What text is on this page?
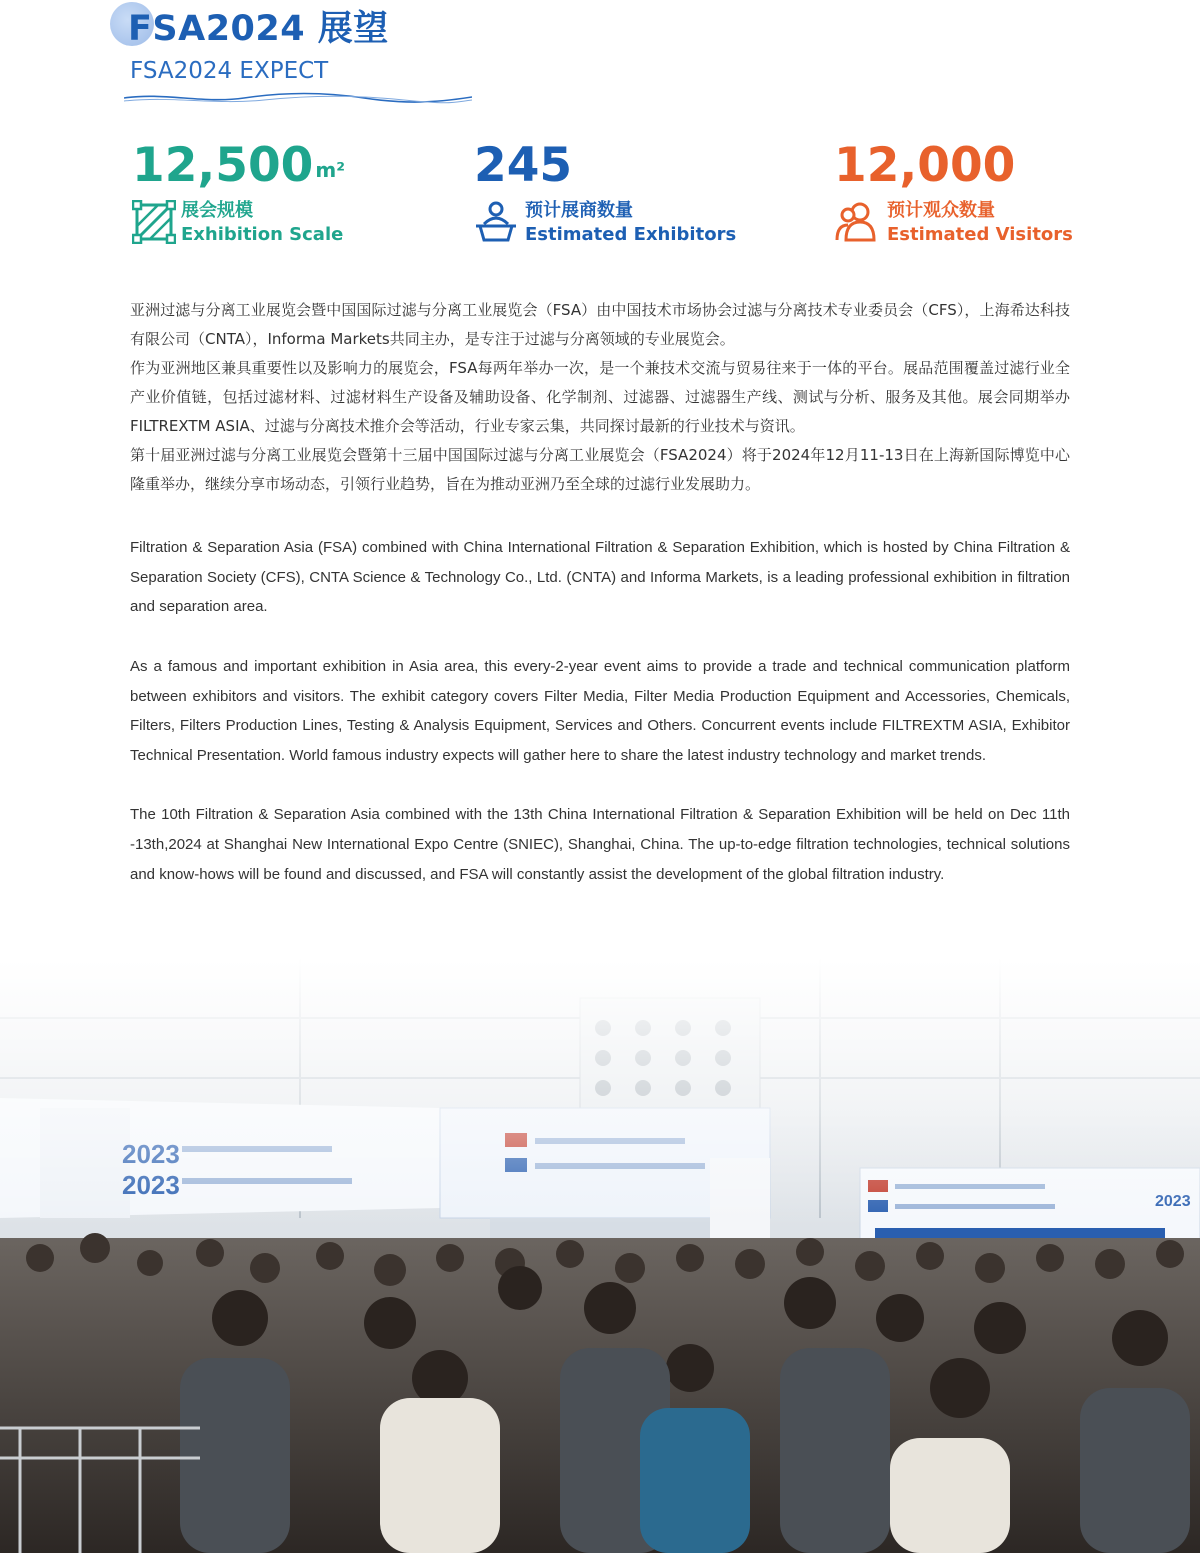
FSA2024 展望
FSA2024 EXPECT
12,500 $^{m^2}$
展会规模
Exhibition Scale
245
预计展商数量
Estimated Exhibitors
12,000
预计观众数量
Estimated Visitors

亚洲过滤与分离工业展览会暨中国国际过滤与分离工业展览会（FSA）由中国技术市场协会过滤与分离技术专业委员会（CFS），上海希达科技有限公司（CNTA），Informa Markets共同主办，是专注于过滤与分离领域的专业展览会。

作为亚洲地区兼具重要性以及影响力的展览会，FSA每两年举办一次，是一个兼技术交流与贸易往来于一体的平台。展品范围覆盖过滤行业全产业价值链，包括过滤材料、过滤材料生产设备及辅助设备、化学制剂、过滤器、过滤器生产线、测试与分析、服务及其他。展会同期举办FILTREXTM ASIA、过滤与分离技术推介会等活动，行业专家云集，共同探讨最新的行业技术与资讯。

第十届亚洲过滤与分离工业展览会暨第十三届中国国际过滤与分离工业展览会（FSA2024）将于2024年12月11-13日在上海新国际博览中心隆重举办，继续分享市场动态，引领行业趋势，旨在为推动亚洲乃至全球的过滤行业发展助力。

Filtration & Separation Asia (FSA) combined with China International Filtration & Separation Exhibition, which is hosted by China Filtration & Separation Society (CFS), CNTA Science & Technology Co., Ltd. (CNTA) and Informa Markets, is a leading professional exhibition in filtration and separation area.

As a famous and important exhibition in Asia area, this every-2-year event aims to provide a trade and technical communication platform between exhibitors and visitors. The exhibit category covers Filter Media, Filter Media Production Equipment and Accessories, Chemicals, Filters, Filters Production Lines, Testing & Analysis Equipment, Services and Others. Concurrent events include FILTREXTM ASIA, Exhibitor Technical Presentation. World famous industry expects will gather here to share the latest industry technology and market trends.

The 10th Filtration & Separation Asia combined with the 13th China International Filtration & Separation Exhibition will be held on Dec 11th -13th,2024 at Shanghai New International Expo Centre (SNIEC), Shanghai, China. The up-to-edge filtration technologies, technical solutions and know-hows will be found and discussed, and FSA will constantly assist the development of the global filtration industry.
